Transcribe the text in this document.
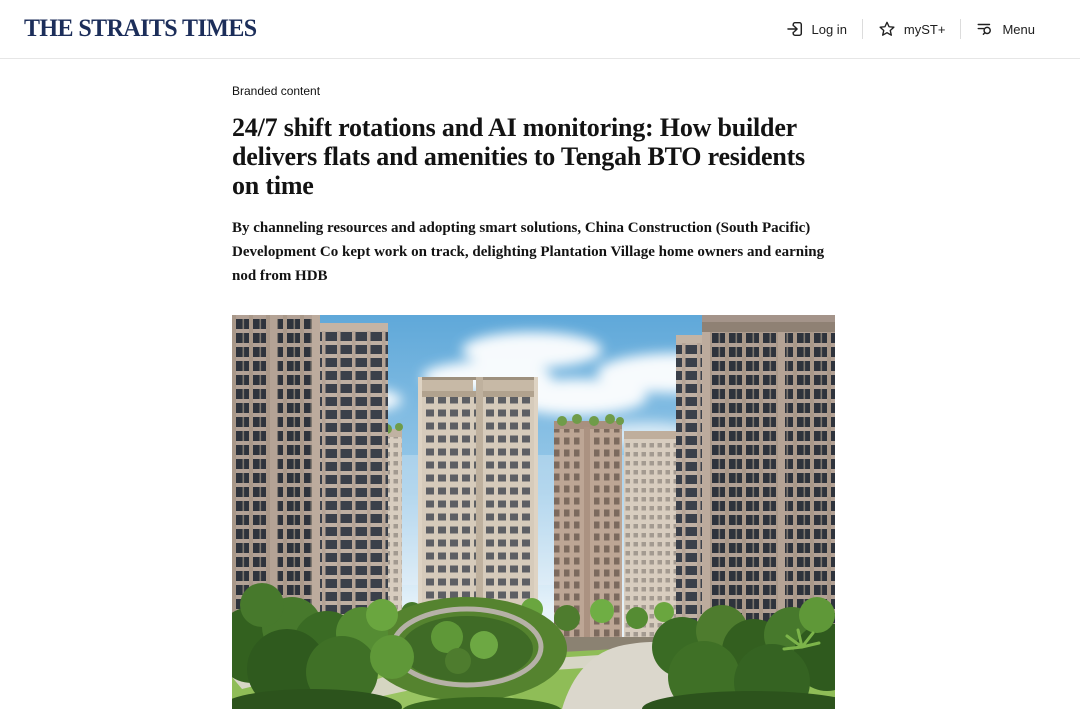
THE STRAITS TIMES	Log in	myST+	Menu
Branded content
24/7 shift rotations and AI monitoring: How builder delivers flats and amenities to Tengah BTO residents on time

By channeling resources and adopting smart solutions, China Construction (South Pacific) Development Co kept work on track, delighting Plantation Village home owners and earning nod from HDB
